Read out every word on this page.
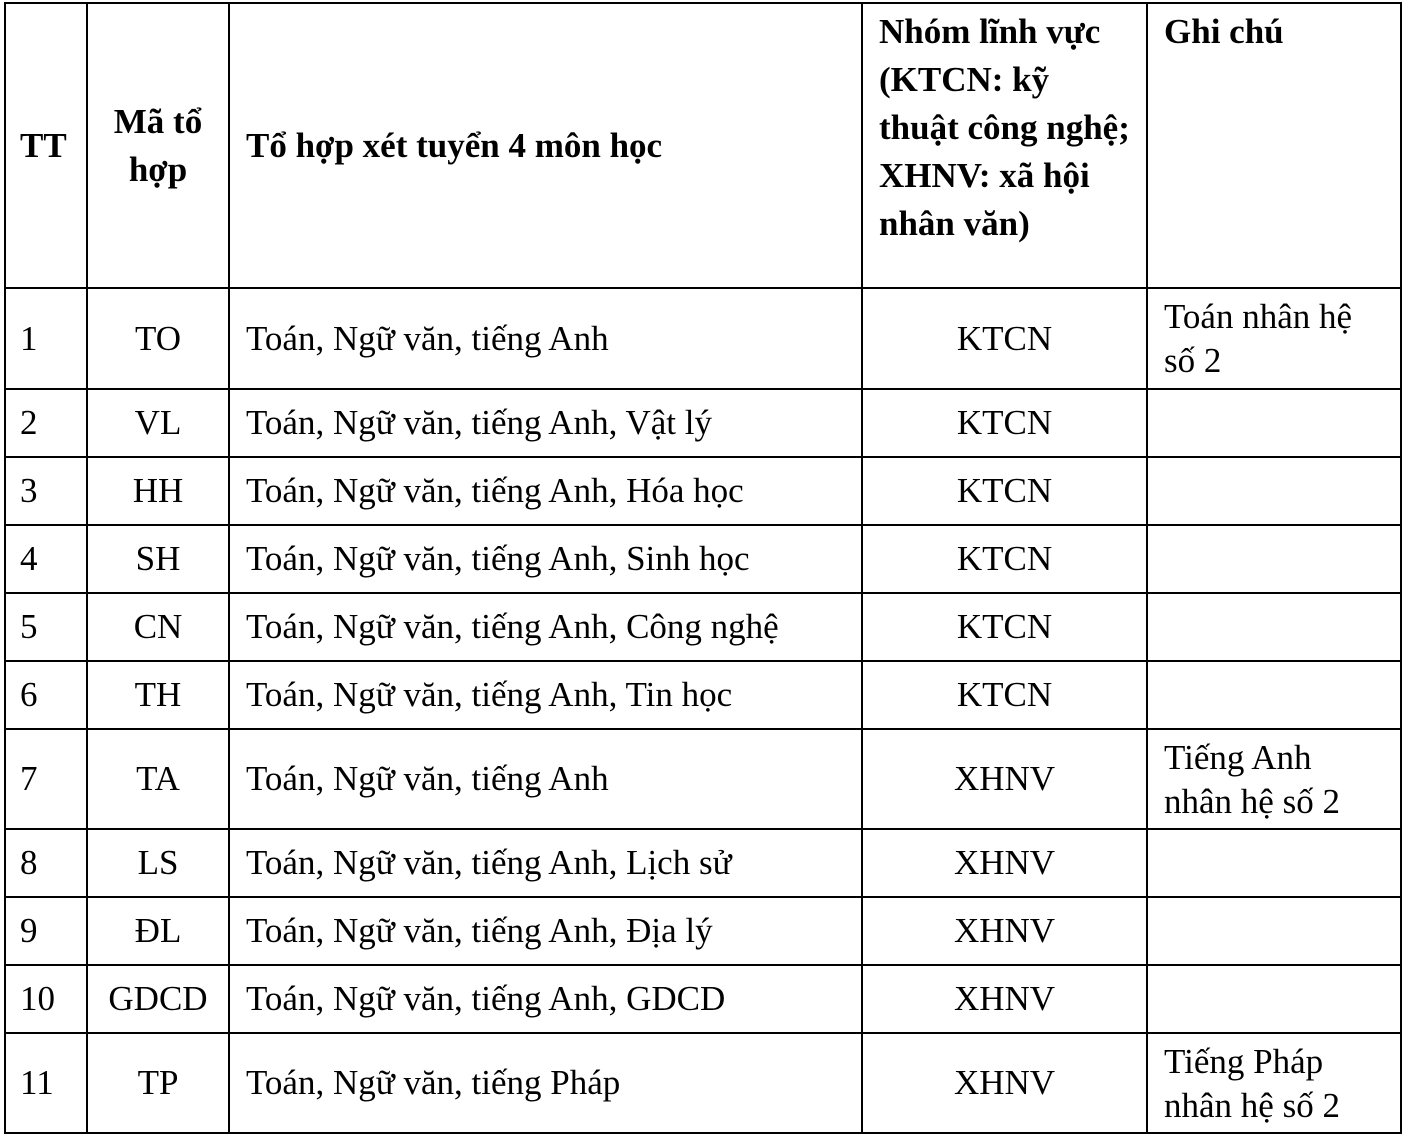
TT	Mã tổ hợp	Tổ hợp xét tuyển 4 môn học	Nhóm lĩnh vực (KTCN: kỹ thuật công nghệ; XHNV: xã hội nhân văn)	Ghi chú
1	TO	Toán, Ngữ văn, tiếng Anh	KTCN	Toán nhân hệ số 2
2	VL	Toán, Ngữ văn, tiếng Anh, Vật lý	KTCN	
3	HH	Toán, Ngữ văn, tiếng Anh, Hóa học	KTCN	
4	SH	Toán, Ngữ văn, tiếng Anh, Sinh học	KTCN	
5	CN	Toán, Ngữ văn, tiếng Anh, Công nghệ	KTCN	
6	TH	Toán, Ngữ văn, tiếng Anh, Tin học	KTCN	
7	TA	Toán, Ngữ văn, tiếng Anh	XHNV	Tiếng Anh nhân hệ số 2
8	LS	Toán, Ngữ văn, tiếng Anh, Lịch sử	XHNV	
9	ĐL	Toán, Ngữ văn, tiếng Anh, Địa lý	XHNV	
10	GDCD	Toán, Ngữ văn, tiếng Anh, GDCD	XHNV	
11	TP	Toán, Ngữ văn, tiếng Pháp	XHNV	Tiếng Pháp nhân hệ số 2
